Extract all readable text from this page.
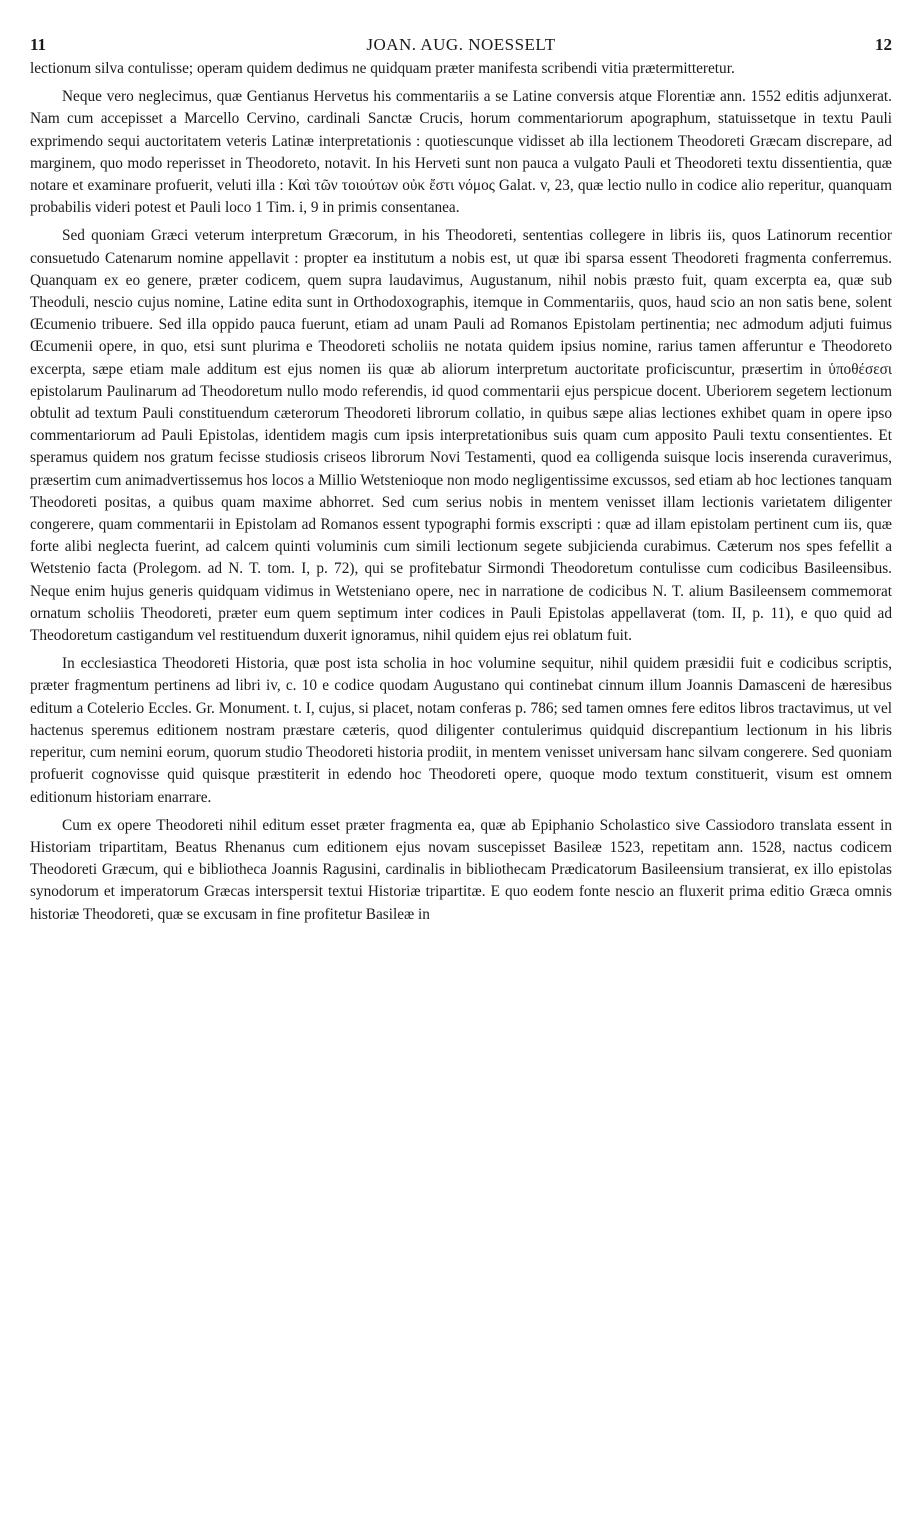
11	JOAN. AUG. NOESSELT	12

lectionum silva contulisse; operam quidem dedimus ne quidquam præter manifesta scribendi vitia prætermitteretur.

Neque vero neglecimus, quæ Gentianus Hervetus his commentariis a se Latine conversis atque Florentiæ ann. 1552 editis adjunxerat. Nam cum accepisset a Marcello Cervino, cardinali Sanctæ Crucis, horum commentariorum apographum, statuissetque in textu Pauli exprimendo sequi auctoritatem veteris Latinæ interpretationis : quotiescunque vidisset ab illa lectionem Theodoreti Græcam discrepare, ad marginem, quo modo reperisset in Theodoreto, notavit. In his Herveti sunt non pauca a vulgato Pauli et Theodoreti textu dissentientia, quæ notare et examinare profuerit, veluti illa : Καὶ τῶν τοιούτων οὐκ ἔστι νόμος Galat. v, 23, quæ lectio nullo in codice alio reperitur, quanquam probabilis videri potest et Pauli loco 1 Tim. i, 9 in primis consentanea.

Sed quoniam Græci veterum interpretum Græcorum, in his Theodoreti, sententias collegere in libris iis, quos Latinorum recentior consuetudo Catenarum nomine appellavit : propter ea institutum a nobis est, ut quæ ibi sparsa essent Theodoreti fragmenta conferremus. Quanquam ex eo genere, præter codicem, quem supra laudavimus, Augustanum, nihil nobis præsto fuit, quam excerpta ea, quæ sub Theoduli, nescio cujus nomine, Latine edita sunt in Orthodoxographis, itemque in Commentariis, quos, haud scio an non satis bene, solent Œcumenio tribuere. Sed illa oppido pauca fuerunt, etiam ad unam Pauli ad Romanos Epistolam pertinentia; nec admodum adjuti fuimus Œcumenii opere, in quo, etsi sunt plurima e Theodoreti scholiis ne notata quidem ipsius nomine, rarius tamen afferuntur e Theodoreto excerpta, sæpe etiam male additum est ejus nomen iis quæ ab aliorum interpretum auctoritate proficiscuntur, præsertim in ὑποθέσεσι epistolarum Paulinarum ad Theodoretum nullo modo referendis, id quod commentarii ejus perspicue docent. Uberiorem segetem lectionum obtulit ad textum Pauli constituendum cæterorum Theodoreti librorum collatio, in quibus sæpe alias lectiones exhibet quam in opere ipso commentariorum ad Pauli Epistolas, identidem magis cum ipsis interpretationibus suis quam cum apposito Pauli textu consentientes. Et speramus quidem nos gratum fecisse studiosis criseos librorum Novi Testamenti, quod ea colligenda suisque locis inserenda curaverimus, præsertim cum animadvertissemus hos locos a Millio Wetstenioque non modo negligentissime excussos, sed etiam ab hoc lectiones tanquam Theodoreti positas, a quibus quam maxime abhorret. Sed cum serius nobis in mentem venisset illam lectionis varietatem diligenter congerere, quam commentarii in Epistolam ad Romanos essent typographi formis exscripti : quæ ad illam epistolam pertinent cum iis, quæ forte alibi neglecta fuerint, ad calcem quinti voluminis cum simili lectionum segete subjicienda curabimus. Cæterum nos spes fefellit a Wetstenio facta (Prolegom. ad N. T. tom. I, p. 72), qui se profitebatur Sirmondi Theodoretum contulisse cum codicibus Basileensibus. Neque enim hujus generis quidquam vidimus in Wetsteniano opere, nec in narratione de codicibus N. T. alium Basileensem commemorat ornatum scholiis Theodoreti, præter eum quem septimum inter codices in Pauli Epistolas appellaverat (tom. II, p. 11), e quo quid ad Theodoretum castigandum vel restituendum duxerit ignoramus, nihil quidem ejus rei oblatum fuit.

In ecclesiastica Theodoreti Historia, quæ post ista scholia in hoc volumine sequitur, nihil quidem præsidii fuit e codicibus scriptis, præter fragmentum pertinens ad libri iv, c. 10 e codice quodam Augustano qui continebat cinnum illum Joannis Damasceni de hæresibus editum a Cotelerio Eccles. Gr. Monument. t. I, cujus, si placet, notam conferas p. 786; sed tamen omnes fere editos libros tractavimus, ut vel hactenus speremus editionem nostram præstare cæteris, quod diligenter contulerimus quidquid discrepantium lectionum in his libris reperitur, cum nemini eorum, quorum studio Theodoreti historia prodiit, in mentem venisset universam hanc silvam congerere. Sed quoniam profuerit cognovisse quid quisque præstiterit in edendo hoc Theodoreti opere, quoque modo textum constituerit, visum est omnem editionum historiam enarrare.

Cum ex opere Theodoreti nihil editum esset præter fragmenta ea, quæ ab Epiphanio Scholastico sive Cassiodoro translata essent in Historiam tripartitam, Beatus Rhenanus cum editionem ejus novam suscepisset Basileæ 1523, repetitam ann. 1528, nactus codicem Theodoreti Græcum, qui e bibliotheca Joannis Ragusini, cardinalis in bibliothecam Prædicatorum Basileensium transierat, ex illo epistolas synodorum et imperatorum Græcas interspersit textui Historiæ tripartitæ. E quo eodem fonte nescio an fluxerit prima editio Græca omnis historiæ Theodoreti, quæ se excusam in fine profitetur Basileæ in
